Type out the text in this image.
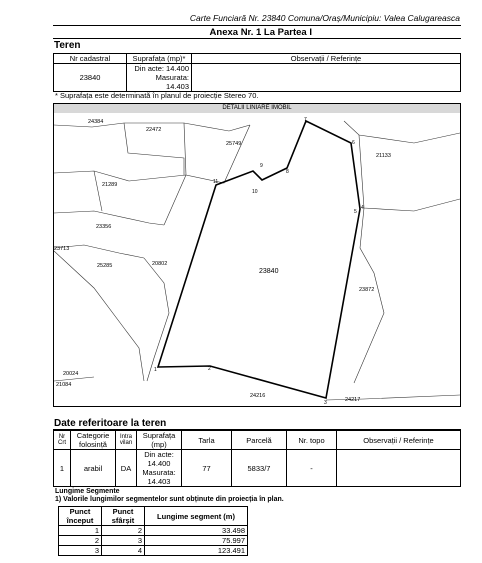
Carte Funciară Nr. 23840 Comuna/Oraș/Municipiu: Valea Calugareasca
Anexa Nr. 1 La Partea I
Teren
Nr cadastral	Suprafața (mp)*	Observații / Referințe
23840	Din acte: 14.400
Masurata:
14.403	

* Suprafața este determinată în planul de proiecție Stereo 70.
DETALII LINIARE IMOBIL
1	2
3
4
5
6
7
8
9
10
11
24384
22472
25749
21133
21289
23356
23713
25285	20802
23872
20024
21084
24216
24217
23840
Date referitoare la teren
Nr Crt	Categorie folosință	Intra vilan	Suprafața (mp)	Tarla	Parcelă	Nr. topo	Observații / Referințe
1	arabil	DA	Din acte: 14.400
Masurata:
14.403	77	5833/7	-	
Lungime Segmente
1) Valorile lungimilor segmentelor sunt obținute din proiecția în plan.
Punct început	Punct sfârșit	Lungime segment (m)
1	2	33.498
2	3	75.997
3	4	123.491
